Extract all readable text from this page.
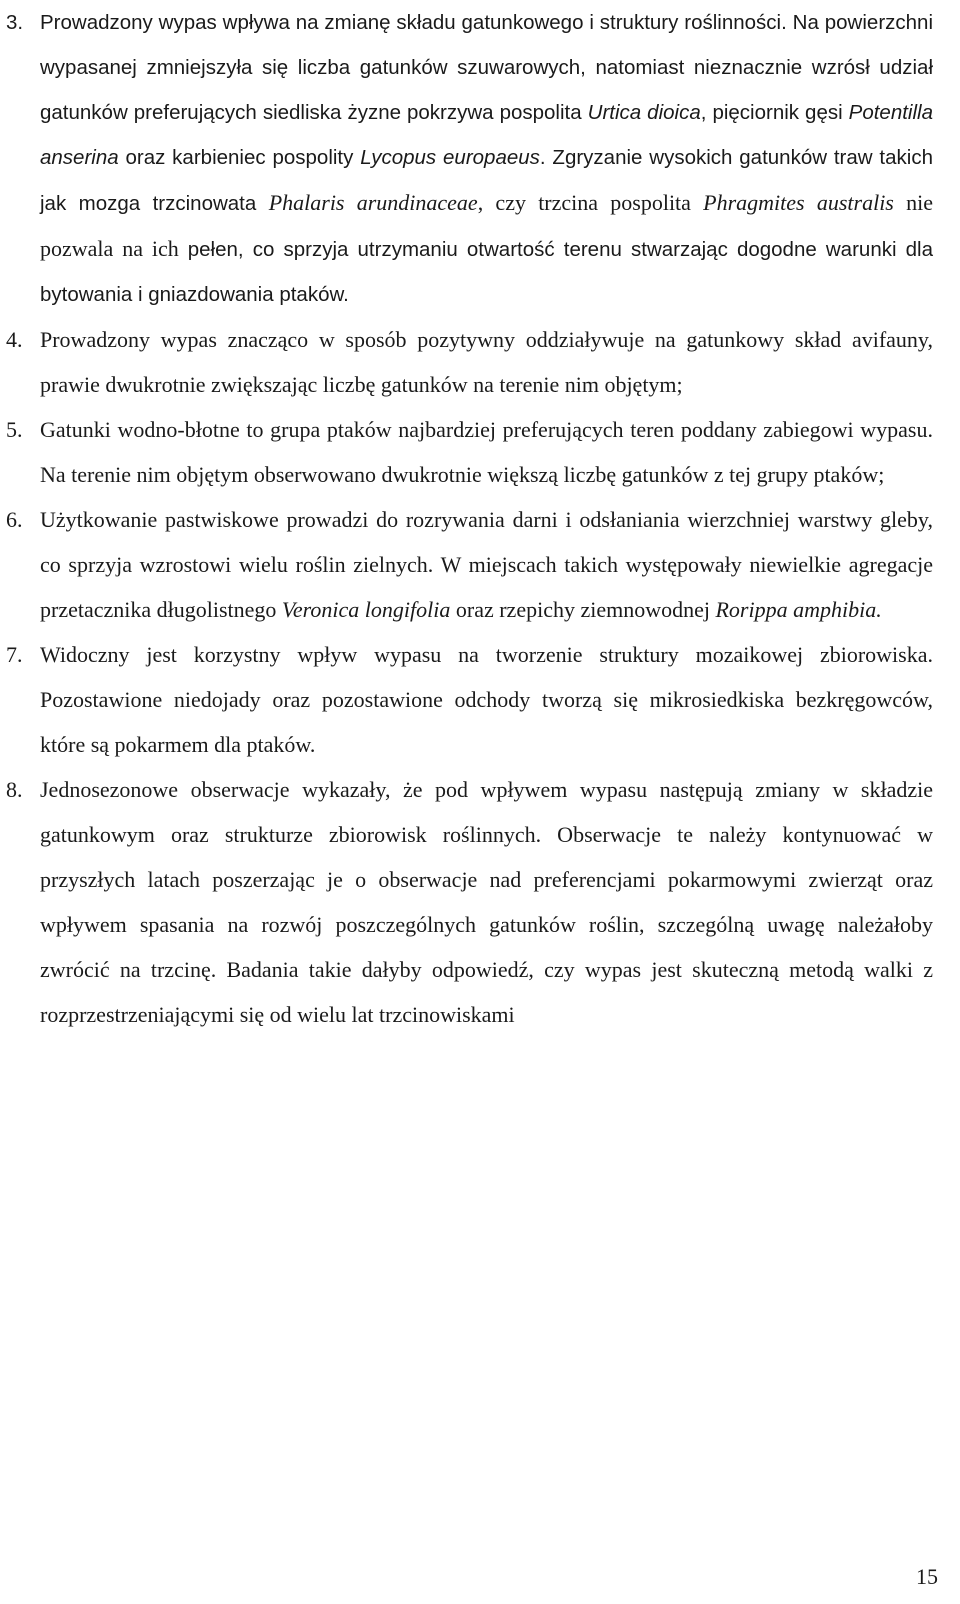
3. Prowadzony wypas wpływa na zmianę składu gatunkowego i struktury roślinności. Na powierzchni wypasanej zmniejszyła się liczba gatunków szuwarowych, natomiast nieznacznie wzrósł udział gatunków preferujących siedliska żyzne pokrzywa pospolita Urtica dioica, pięciornik gęsi Potentilla anserina oraz karbieniec pospolity Lycopus europaeus. Zgryzanie wysokich gatunków traw takich jak mozga trzcinowata Phalaris arundinaceae, czy trzcina pospolita Phragmites australis nie pozwala na ich pełen, co sprzyja utrzymaniu otwartość terenu stwarzając dogodne warunki dla bytowania i gniazdowania ptaków.

4. Prowadzony wypas znacząco w sposób pozytywny oddziaływuje na gatunkowy skład avifauny, prawie dwukrotnie zwiększając liczbę gatunków na terenie nim objętym;

5. Gatunki wodno-błotne to grupa ptaków najbardziej preferujących teren poddany zabiegowi wypasu. Na terenie nim objętym obserwowano dwukrotnie większą liczbę gatunków z tej grupy ptaków;

6. Użytkowanie pastwiskowe prowadzi do rozrywania darni i odsłaniania wierzchniej warstwy gleby, co sprzyja wzrostowi wielu roślin zielnych. W miejscach takich występowały niewielkie agregacje przetacznika długolistnego Veronica longifolia oraz rzepichy ziemnowodnej Rorippa amphibia.

7. Widoczny jest korzystny wpływ wypasu na tworzenie struktury mozaikowej zbiorowiska. Pozostawione niedojady oraz pozostawione odchody tworzą się mikrosiedkiska bezkręgowców, które są pokarmem dla ptaków.

8. Jednosezonowe obserwacje wykazały, że pod wpływem wypasu następują zmiany w składzie gatunkowym oraz strukturze zbiorowisk roślinnych. Obserwacje te należy kontynuować w przyszłych latach poszerzając je o obserwacje nad preferencjami pokarmowymi zwierząt oraz wpływem spasania na rozwój poszczególnych gatunków roślin, szczególną uwagę należałoby zwrócić na trzcinę. Badania takie dałyby odpowiedź, czy wypas jest skuteczną metodą walki z rozprzestrzeniającymi się od wielu lat trzcinowiskami

15
